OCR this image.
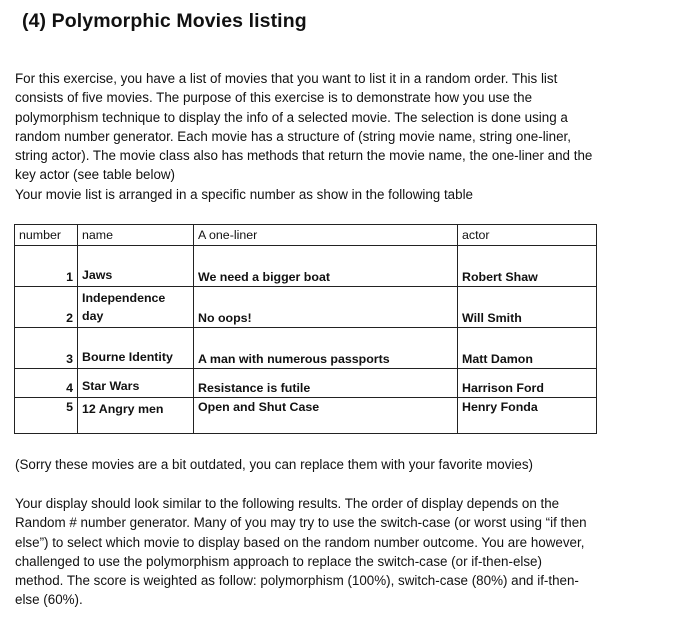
(4) Polymorphic Movies listing

For this exercise, you have a list of movies that you want to list it in a random order. This list
consists of five movies. The purpose of this exercise is to demonstrate how you use the
polymorphism technique to display the info of a selected movie. The selection is done using a
random number generator. Each movie has a structure of (string movie name, string one-liner,
string actor). The movie class also has methods that return the movie name, the one-liner and the
key actor (see table below)
Your movie list is arranged in a specific number as show in the following table

number	name	A one-liner	actor
1	Jaws	We need a bigger boat	Robert Shaw
2	Independence
day	No oops!	Will Smith
3	Bourne Identity	A man with numerous passports	Matt Damon
4	Star Wars	Resistance is futile	Harrison Ford
5	12 Angry men	Open and Shut Case	Henry Fonda

(Sorry these movies are a bit outdated, you can replace them with your favorite movies)

Your display should look similar to the following results. The order of display depends on the
Random # number generator. Many of you may try to use the switch-case (or worst using “if then
else”) to select which movie to display based on the random number outcome. You are however,
challenged to use the polymorphism approach to replace the switch-case (or if-then-else)
method. The score is weighted as follow: polymorphism (100%), switch-case (80%) and if-then-
else (60%).
